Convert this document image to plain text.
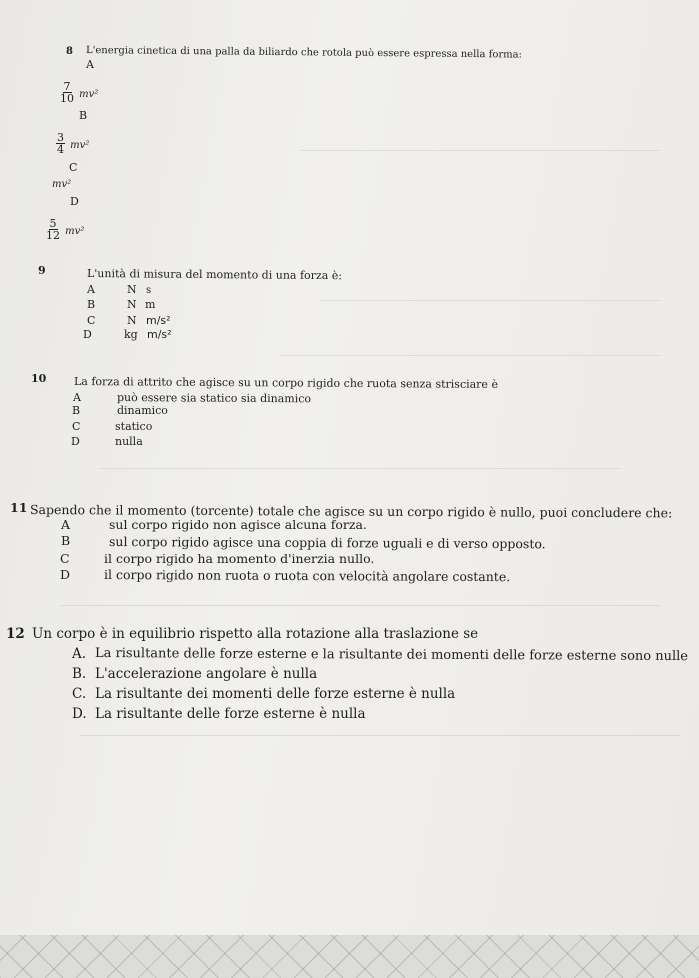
8 L'energia cinetica di una palla da biliardo che rotola può essere espressa nella forma:
A
$\frac{7}{10} mv^2$
B
$\frac{3}{4} mv^2$
C
mv²
D
$\frac{5}{12} mv^2$
9	L'unità di misura del momento di una forza è:
A	N s
B	N m
C	N m/s²
D	kg m/s²
10	La forza di attrito che agisce su un corpo rigido che ruota senza strisciare è
A	può essere sia statico sia dinamico
B	dinamico
C	statico
D	nulla
11 Sapendo che il momento (torcente) totale che agisce su un corpo rigido è nullo, puoi concludere che:
A	sul corpo rigido non agisce alcuna forza.
B	sul corpo rigido agisce una coppia di forze uguali e di verso opposto.
C	il corpo rigido ha momento d'inerzia nullo.
D	il corpo rigido non ruota o ruota con velocità angolare costante.
12 Un corpo è in equilibrio rispetto alla rotazione alla traslazione se
A. La risultante delle forze esterne e la risultante dei momenti delle forze esterne sono nulle
B. L'accelerazione angolare è nulla
C. La risultante dei momenti delle forze esterne è nulla
D. La risultante delle forze esterne è nulla
